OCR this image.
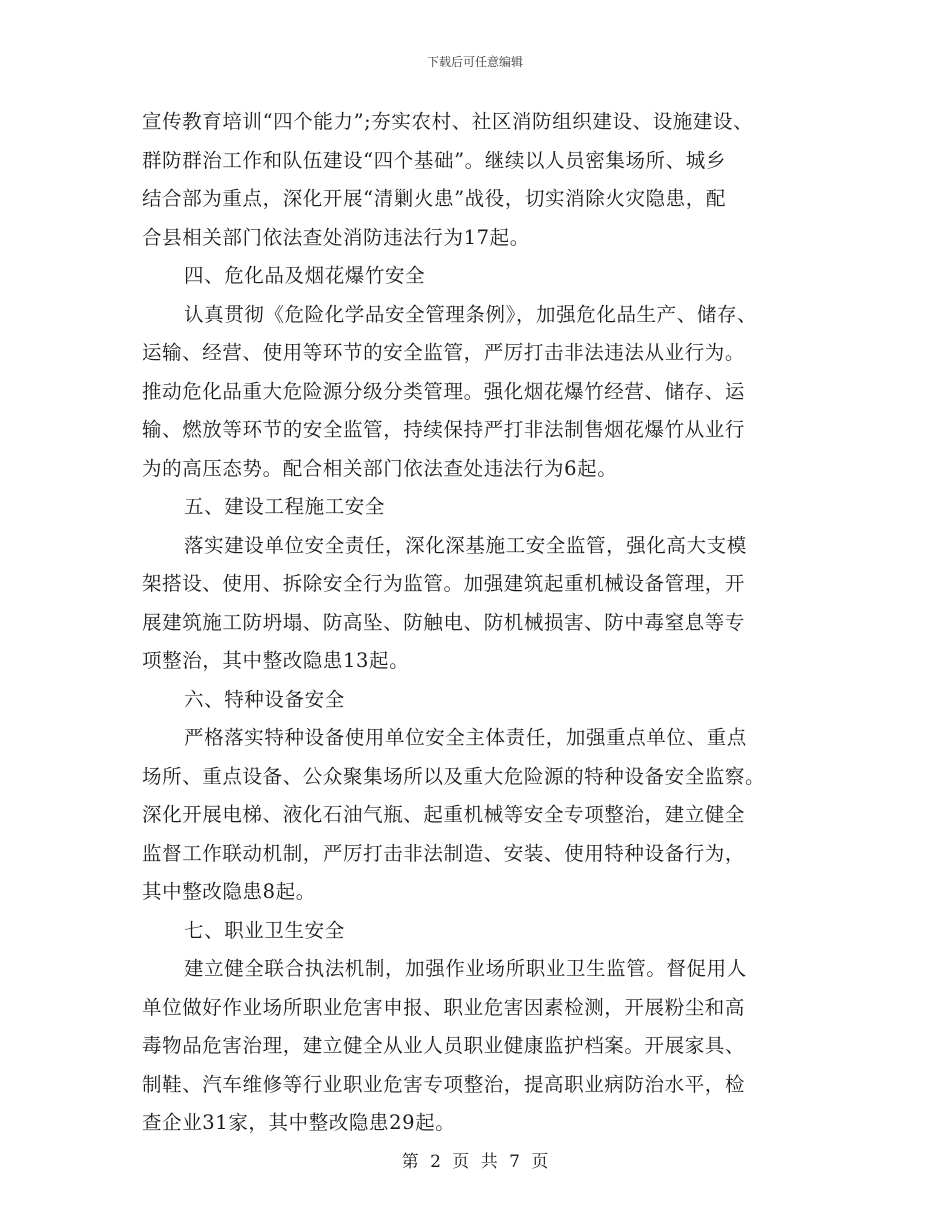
下载后可任意编辑
宣传教育培训“四个能力”;夯实农村、社区消防组织建设、设施建设、
群防群治工作和队伍建设“四个基础”。继续以人员密集场所、城乡
结合部为重点，深化开展“清剿火患”战役，切实消除火灾隐患，配
合县相关部门依法查处消防违法行为17起。
四、危化品及烟花爆竹安全
认真贯彻《危险化学品安全管理条例》，加强危化品生产、储存、
运输、经营、使用等环节的安全监管，严厉打击非法违法从业行为。
推动危化品重大危险源分级分类管理。强化烟花爆竹经营、储存、运
输、燃放等环节的安全监管，持续保持严打非法制售烟花爆竹从业行
为的高压态势。配合相关部门依法查处违法行为6起。
五、建设工程施工安全
落实建设单位安全责任，深化深基施工安全监管，强化高大支模
架搭设、使用、拆除安全行为监管。加强建筑起重机械设备管理，开
展建筑施工防坍塌、防高坠、防触电、防机械损害、防中毒窒息等专
项整治，其中整改隐患13起。
六、特种设备安全
严格落实特种设备使用单位安全主体责任，加强重点单位、重点
场所、重点设备、公众聚集场所以及重大危险源的特种设备安全监察。
深化开展电梯、液化石油气瓶、起重机械等安全专项整治，建立健全
监督工作联动机制，严厉打击非法制造、安装、使用特种设备行为，
其中整改隐患8起。
七、职业卫生安全
建立健全联合执法机制，加强作业场所职业卫生监管。督促用人
单位做好作业场所职业危害申报、职业危害因素检测，开展粉尘和高
毒物品危害治理，建立健全从业人员职业健康监护档案。开展家具、
制鞋、汽车维修等行业职业危害专项整治，提高职业病防治水平，检
查企业31家，其中整改隐患29起。
第 2 页 共 7 页
